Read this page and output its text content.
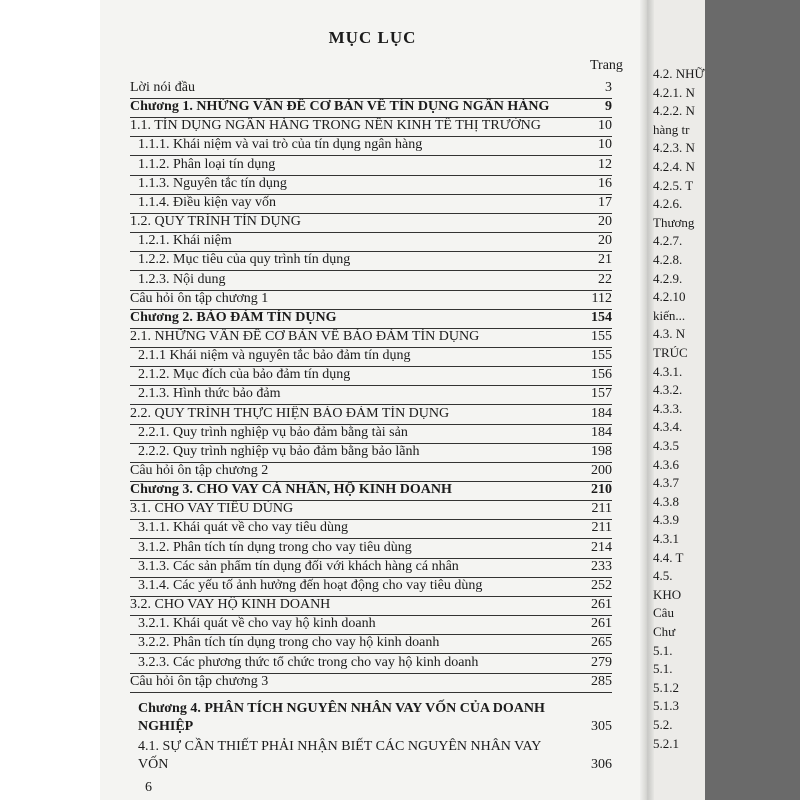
MỤC LỤC
Trang
Lời nói đầu	3
Chương 1. NHỮNG VẤN ĐỀ CƠ BẢN VỀ TÍN DỤNG NGÂN HÀNG	9
1.1. TÍN DỤNG NGÂN HÀNG TRONG NỀN KINH TẾ THỊ TRƯỜNG	10
1.1.1. Khái niệm và vai trò của tín dụng ngân hàng	10
1.1.2. Phân loại tín dụng	12
1.1.3. Nguyên tắc tín dụng	16
1.1.4. Điều kiện vay vốn	17
1.2. QUY TRÌNH TÍN DỤNG	20
1.2.1. Khái niệm	20
1.2.2. Mục tiêu của quy trình tín dụng	21
1.2.3. Nội dung	22
Câu hỏi ôn tập chương 1	112
Chương 2. BẢO ĐẢM TÍN DỤNG	154
2.1. NHỮNG VẤN ĐỀ CƠ BẢN VỀ BẢO ĐẢM TÍN DỤNG	155
2.1.1 Khái niệm và nguyên tắc bảo đảm tín dụng	155
2.1.2. Mục đích của bảo đảm tín dụng	156
2.1.3. Hình thức bảo đảm	157
2.2. QUY TRÌNH THỰC HIỆN BẢO ĐẢM TÍN DỤNG	184
2.2.1. Quy trình nghiệp vụ bảo đảm bằng tài sản	184
2.2.2. Quy trình nghiệp vụ bảo đảm bằng bảo lãnh	198
Câu hỏi ôn tập chương 2	200
Chương 3. CHO VAY CÁ NHÂN, HỘ KINH DOANH	210
3.1. CHO VAY TIÊU DÙNG	211
3.1.1. Khái quát về cho vay tiêu dùng	211
3.1.2. Phân tích tín dụng trong cho vay tiêu dùng	214
3.1.3. Các sản phẩm tín dụng đối với khách hàng cá nhân	233
3.1.4. Các yếu tố ảnh hưởng đến hoạt động cho vay tiêu dùng	252
3.2. CHO VAY HỘ KINH DOANH	261
3.2.1. Khái quát về cho vay hộ kinh doanh	261
3.2.2. Phân tích tín dụng trong cho vay hộ kinh doanh	265
3.2.3. Các phương thức tổ chức trong cho vay hộ kinh doanh	279
Câu hỏi ôn tập chương 3	285
Chương 4. PHÂN TÍCH NGUYÊN NHÂN VAY VỐN CỦA DOANH
NGHIỆP	305
4.1. SỰ CẦN THIẾT PHẢI NHẬN BIẾT CÁC NGUYÊN NHÂN VAY
VỐN	306
6
4.2. NHỮ
4.2.1. N
4.2.2. N
hàng tr
4.2.3. N
4.2.4. N
4.2.5. T
4.2.6.
Thương
4.2.7.
4.2.8.
4.2.9.
4.2.10
kiến...
4.3. N
TRÚC
4.3.1.
4.3.2.
4.3.3.
4.3.4.
4.3.5
4.3.6
4.3.7
4.3.8
4.3.9
4.3.1
4.4. T
4.5.
KHO
Câu
Chư
5.1.
5.1.
5.1.2
5.1.3
5.2.
5.2.1
